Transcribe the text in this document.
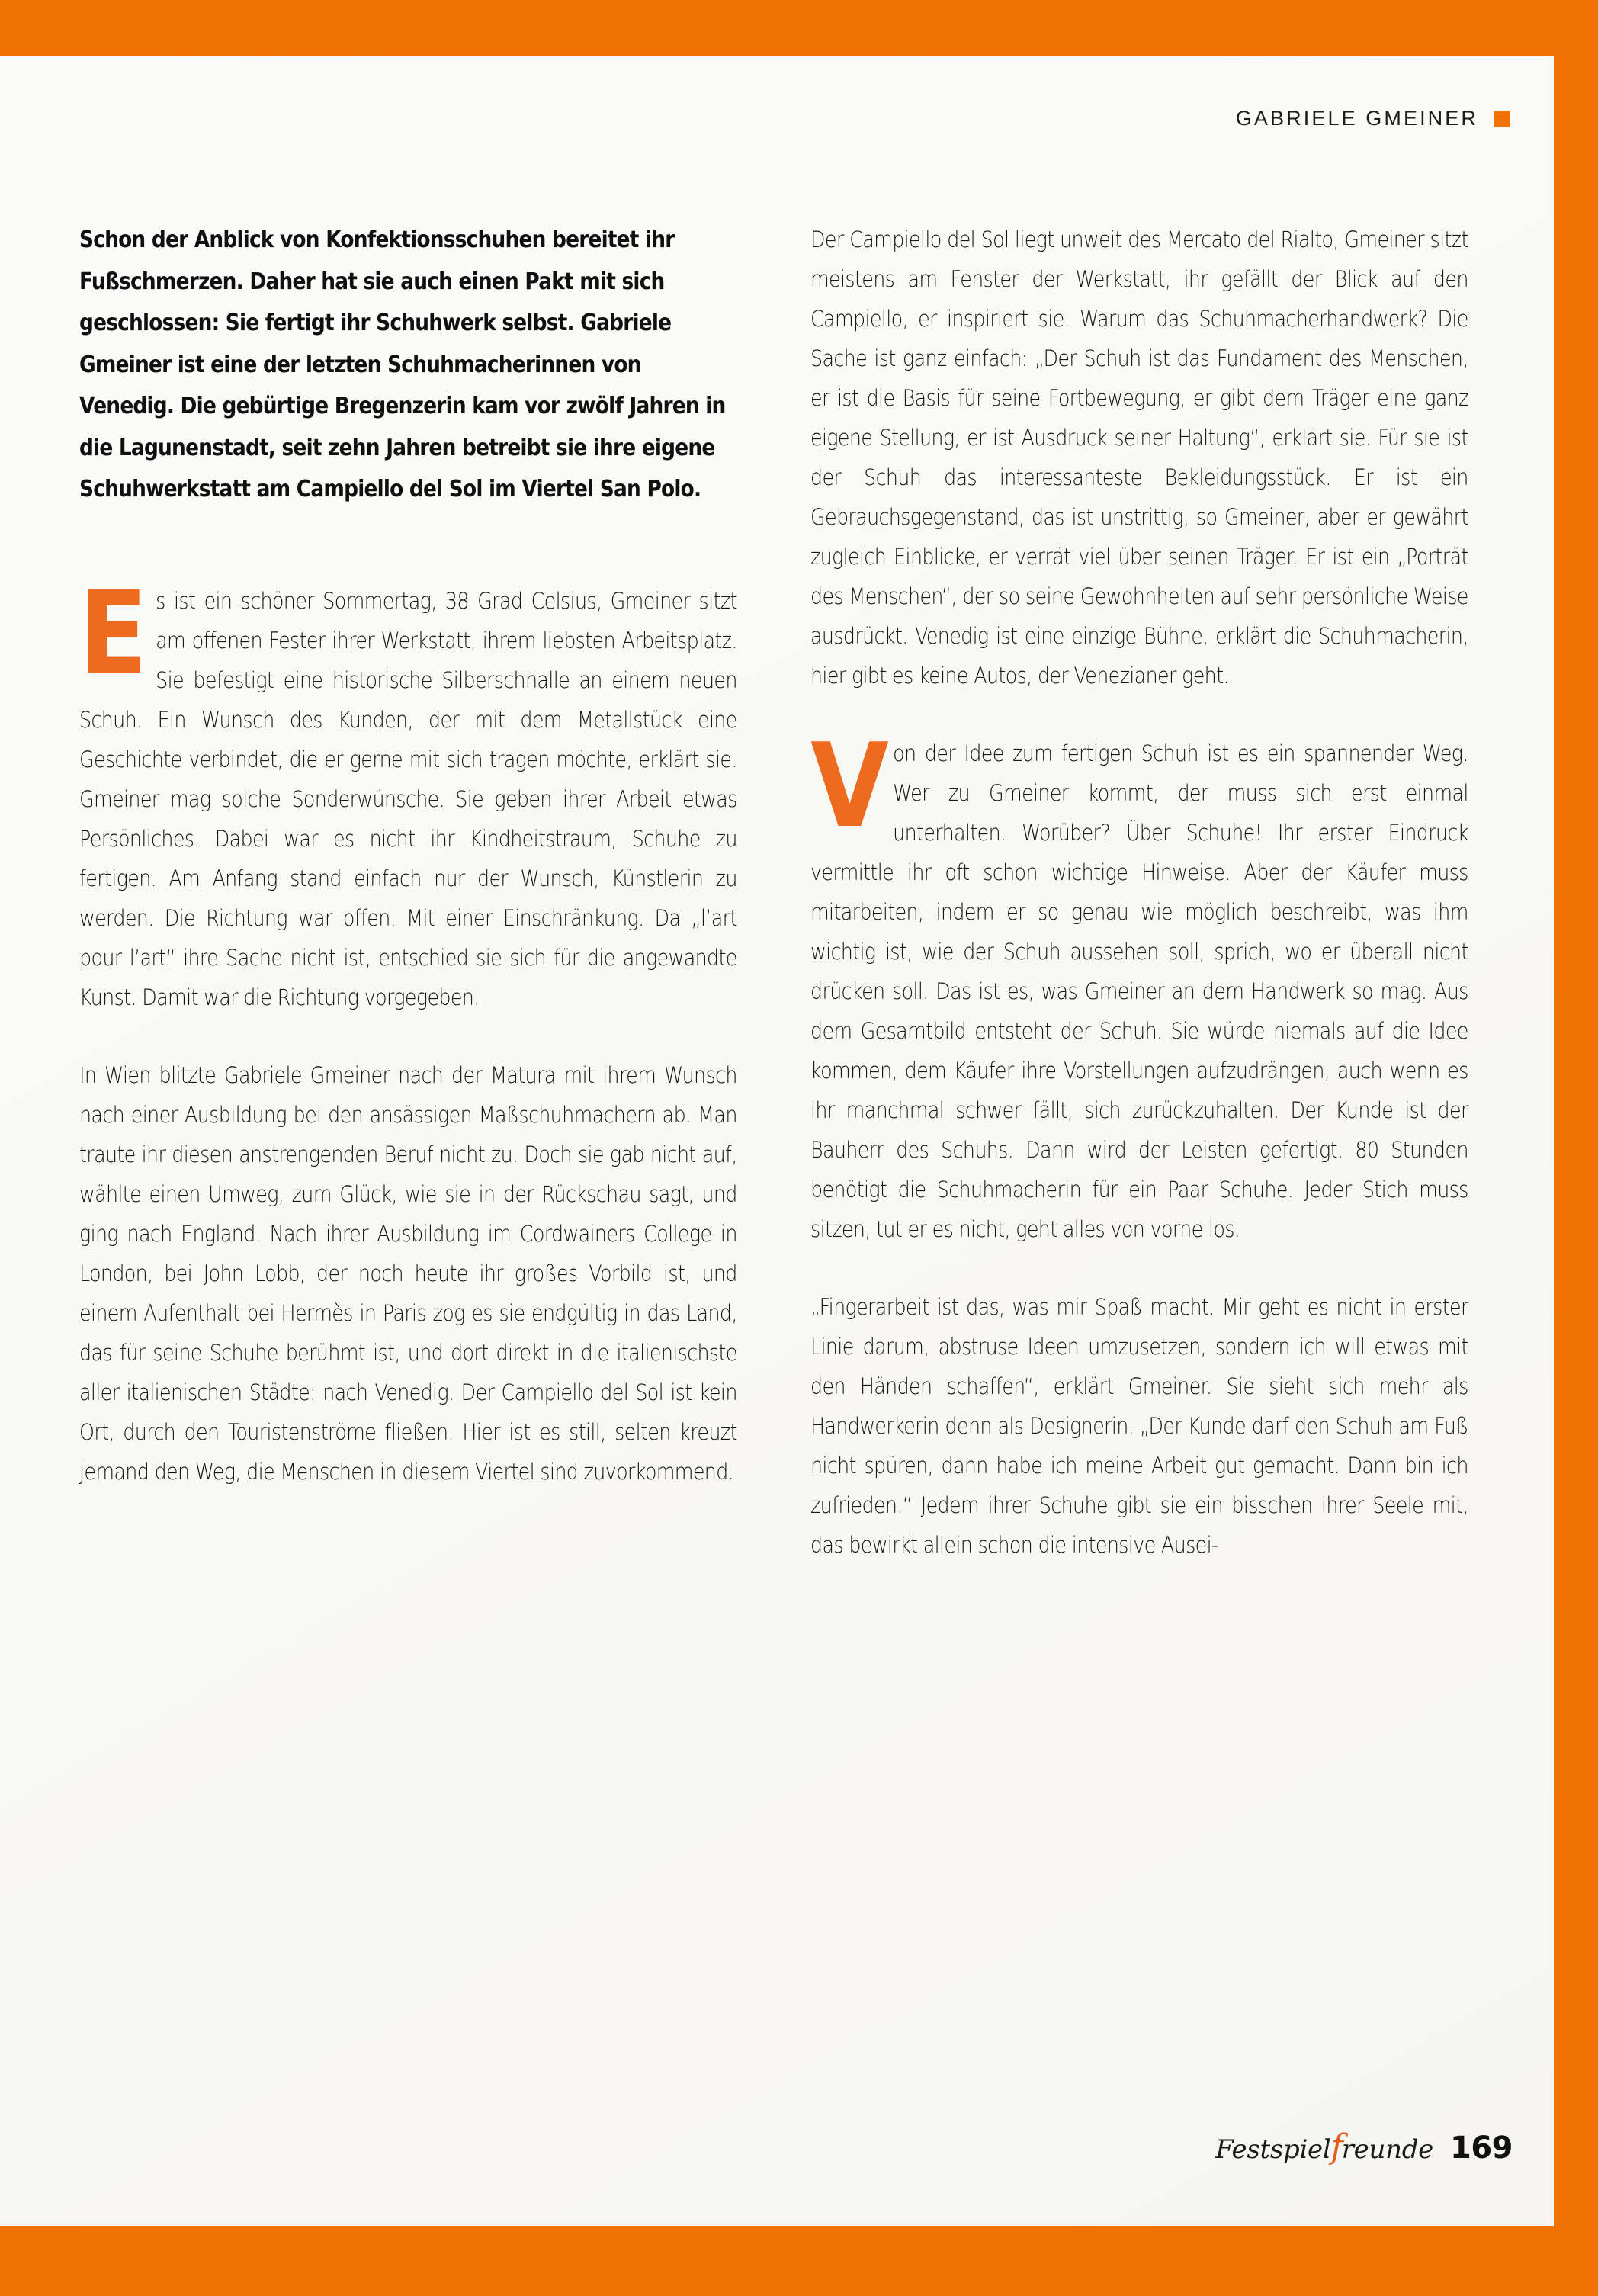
GABRIELE GMEINER

Schon der Anblick von Konfektionsschuhen bereitet ihr Fußschmerzen. Daher hat sie auch einen Pakt mit sich geschlossen: Sie fertigt ihr Schuhwerk selbst. Gabriele Gmeiner ist eine der letzten Schuhmacherinnen von Venedig. Die gebürtige Bregenzerin kam vor zwölf Jahren in die Lagunenstadt, seit zehn Jahren betreibt sie ihre eigene Schuhwerkstatt am Campiello del Sol im Viertel San Polo.

Es ist ein schöner Sommertag, 38 Grad Celsius, Gmeiner sitzt am offenen Fester ihrer Werkstatt, ihrem liebsten Arbeitsplatz. Sie befestigt eine historische Silberschnalle an einem neuen Schuh. Ein Wunsch des Kunden, der mit dem Metallstück eine Geschichte verbindet, die er gerne mit sich tragen möchte, erklärt sie. Gmeiner mag solche Sonderwünsche. Sie geben ihrer Arbeit etwas Persönliches. Dabei war es nicht ihr Kindheitstraum, Schuhe zu fertigen. Am Anfang stand einfach nur der Wunsch, Künstlerin zu werden. Die Richtung war offen. Mit einer Einschränkung. Da „l’art pour l’art“ ihre Sache nicht ist, entschied sie sich für die angewandte Kunst. Damit war die Richtung vorgegeben.

In Wien blitzte Gabriele Gmeiner nach der Matura mit ihrem Wunsch nach einer Ausbildung bei den ansässigen Maßschuhmachern ab. Man traute ihr diesen anstrengenden Beruf nicht zu. Doch sie gab nicht auf, wählte einen Umweg, zum Glück, wie sie in der Rückschau sagt, und ging nach England. Nach ihrer Ausbildung im Cordwainers College in London, bei John Lobb, der noch heute ihr großes Vorbild ist, und einem Aufenthalt bei Hermès in Paris zog es sie endgültig in das Land, das für seine Schuhe berühmt ist, und dort direkt in die italienischste aller italienischen Städte: nach Venedig. Der Campiello del Sol ist kein Ort, durch den Touristenströme fließen. Hier ist es still, selten kreuzt jemand den Weg, die Menschen in diesem Viertel sind zuvorkommend.

Der Campiello del Sol liegt unweit des Mercato del Rialto, Gmeiner sitzt meistens am Fenster der Werkstatt, ihr gefällt der Blick auf den Campiello, er inspiriert sie. Warum das Schuhmacherhandwerk? Die Sache ist ganz einfach: „Der Schuh ist das Fundament des Menschen, er ist die Basis für seine Fortbewegung, er gibt dem Träger eine ganz eigene Stellung, er ist Ausdruck seiner Haltung“, erklärt sie. Für sie ist der Schuh das interessanteste Bekleidungsstück. Er ist ein Gebrauchsgegenstand, das ist unstrittig, so Gmeiner, aber er gewährt zugleich Einblicke, er verrät viel über seinen Träger. Er ist ein „Porträt des Menschen“, der so seine Gewohnheiten auf sehr persönliche Weise ausdrückt. Venedig ist eine einzige Bühne, erklärt die Schuhmacherin, hier gibt es keine Autos, der Venezianer geht.

Von der Idee zum fertigen Schuh ist es ein spannender Weg. Wer zu Gmeiner kommt, der muss sich erst einmal unterhalten. Worüber? Über Schuhe! Ihr erster Eindruck vermittle ihr oft schon wichtige Hinweise. Aber der Käufer muss mitarbeiten, indem er so genau wie möglich beschreibt, was ihm wichtig ist, wie der Schuh aussehen soll, sprich, wo er überall nicht drücken soll. Das ist es, was Gmeiner an dem Handwerk so mag. Aus dem Gesamtbild entsteht der Schuh. Sie würde niemals auf die Idee kommen, dem Käufer ihre Vorstellungen aufzudrängen, auch wenn es ihr manchmal schwer fällt, sich zurückzuhalten. Der Kunde ist der Bauherr des Schuhs. Dann wird der Leisten gefertigt. 80 Stunden benötigt die Schuhmacherin für ein Paar Schuhe. Jeder Stich muss sitzen, tut er es nicht, geht alles von vorne los.

„Fingerarbeit ist das, was mir Spaß macht. Mir geht es nicht in erster Linie darum, abstruse Ideen umzusetzen, sondern ich will etwas mit den Händen schaffen“, erklärt Gmeiner. Sie sieht sich mehr als Handwerkerin denn als Designerin. „Der Kunde darf den Schuh am Fuß nicht spüren, dann habe ich meine Arbeit gut gemacht. Dann bin ich zufrieden.“ Jedem ihrer Schuhe gibt sie ein bisschen ihrer Seele mit, das bewirkt allein schon die intensive Ausei-

Festspielfreunde 169
